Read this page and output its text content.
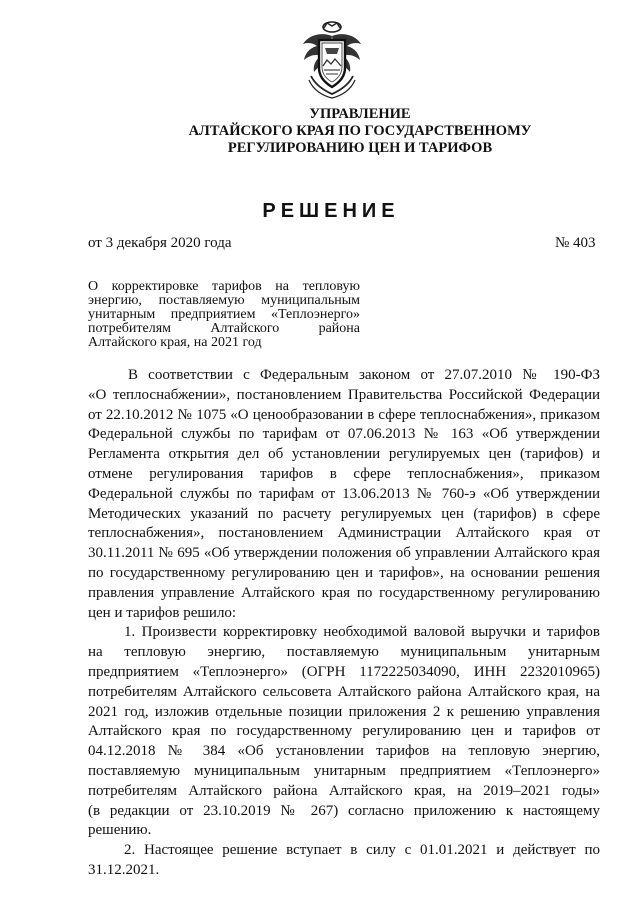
УПРАВЛЕНИЕ
АЛТАЙСКОГО КРАЯ ПО ГОСУДАРСТВЕННОМУ
РЕГУЛИРОВАНИЮ ЦЕН И ТАРИФОВ
РЕШЕНИЕ
от 3 декабря 2020 года	№ 403
О корректировке тарифов на тепловую
энергию, поставляемую муниципальным
унитарным предприятием «Теплоэнерго»
потребителям Алтайского района
Алтайского края, на 2021 год
В соответствии с Федеральным законом от 27.07.2010 № 190-ФЗ
«О теплоснабжении», постановлением Правительства Российской Федерации
от 22.10.2012 № 1075 «О ценообразовании в сфере теплоснабжения», приказом
Федеральной службы по тарифам от 07.06.2013 № 163 «Об утверждении
Регламента открытия дел об установлении регулируемых цен (тарифов) и
отмене регулирования тарифов в сфере теплоснабжения», приказом
Федеральной службы по тарифам от 13.06.2013 № 760-э «Об утверждении
Методических указаний по расчету регулируемых цен (тарифов) в сфере
теплоснабжения», постановлением Администрации Алтайского края от
30.11.2011 № 695 «Об утверждении положения об управлении Алтайского края
по государственному регулированию цен и тарифов», на основании решения
правления управление Алтайского края по государственному регулированию
цен и тарифов решило:
1. Произвести корректировку необходимой валовой выручки и тарифов
на тепловую энергию, поставляемую муниципальным унитарным
предприятием «Теплоэнерго» (ОГРН 1172225034090, ИНН 2232010965)
потребителям Алтайского сельсовета Алтайского района Алтайского края, на
2021 год, изложив отдельные позиции приложения 2 к решению управления
Алтайского края по государственному регулированию цен и тарифов от
04.12.2018 № 384 «Об установлении тарифов на тепловую энергию,
поставляемую муниципальным унитарным предприятием «Теплоэнерго»
потребителям Алтайского района Алтайского края, на 2019–2021 годы»
(в редакции от 23.10.2019 № 267) согласно приложению к настоящему
решению.
2. Настоящее решение вступает в силу с 01.01.2021 и действует по
31.12.2021.
